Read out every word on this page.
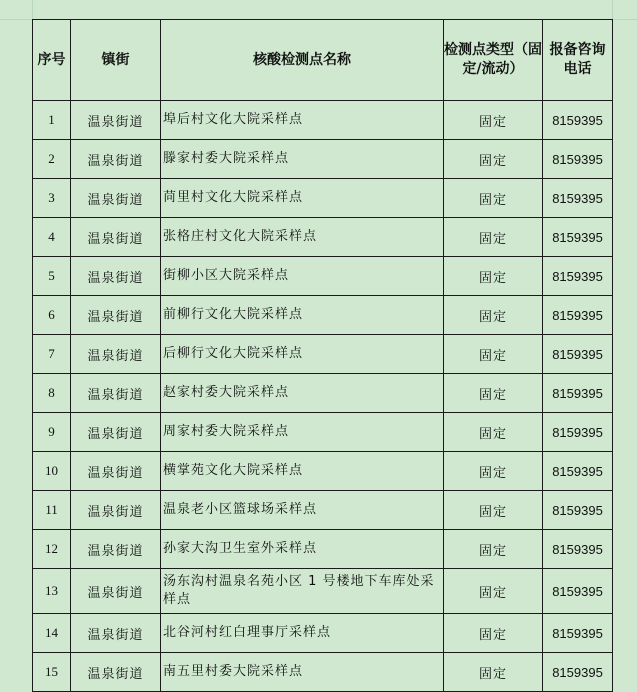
序号	镇街	核酸检测点名称	检测点类型（固定/流动）	报备咨询电话
1	温泉街道	埠后村文化大院采样点	固定	8159395
2	温泉街道	滕家村委大院采样点	固定	8159395
3	温泉街道	苘里村文化大院采样点	固定	8159395
4	温泉街道	张格庄村文化大院采样点	固定	8159395
5	温泉街道	街柳小区大院采样点	固定	8159395
6	温泉街道	前柳行文化大院采样点	固定	8159395
7	温泉街道	后柳行文化大院采样点	固定	8159395
8	温泉街道	赵家村委大院采样点	固定	8159395
9	温泉街道	周家村委大院采样点	固定	8159395
10	温泉街道	横掌苑文化大院采样点	固定	8159395
11	温泉街道	温泉老小区篮球场采样点	固定	8159395
12	温泉街道	孙家大沟卫生室外采样点	固定	8159395
13	温泉街道	汤东沟村温泉名苑小区 1 号楼地下车库处采样点	固定	8159395
14	温泉街道	北谷河村红白理事厅采样点	固定	8159395
15	温泉街道	南五里村委大院采样点	固定	8159395
